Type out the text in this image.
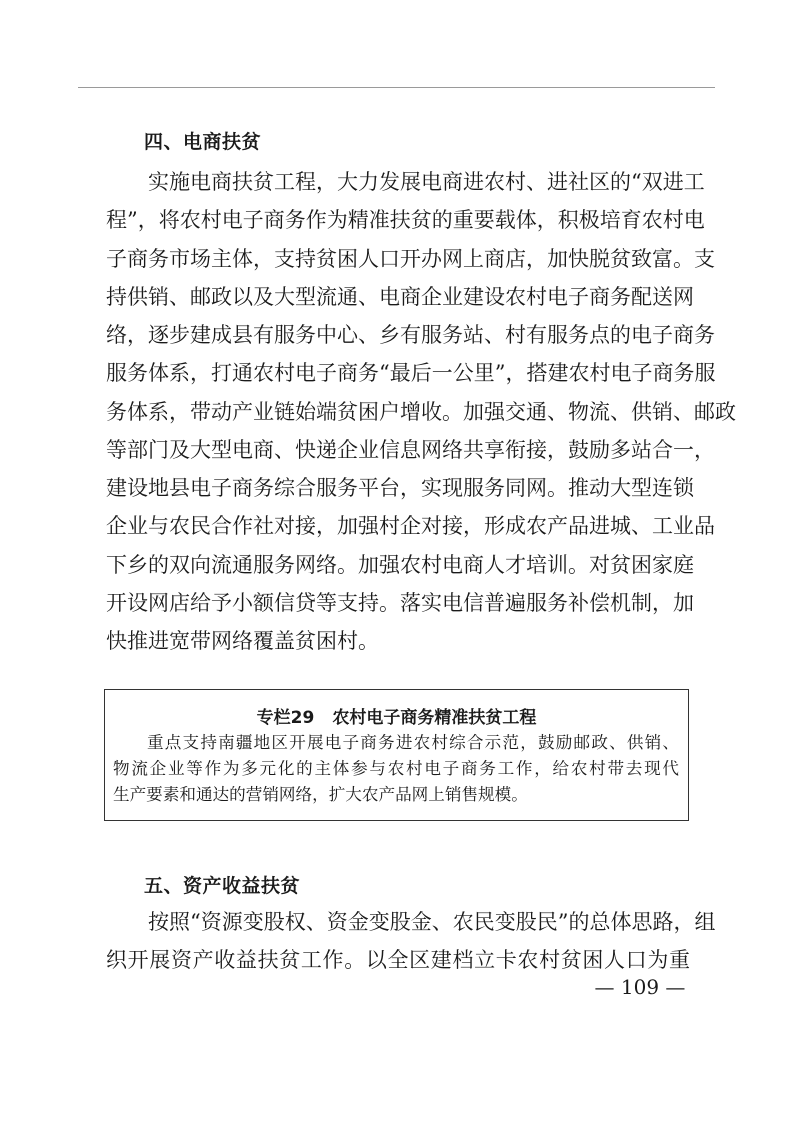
四、电商扶贫
实施电商扶贫工程，大力发展电商进农村、进社区的“双进工
程”，将农村电子商务作为精准扶贫的重要载体，积极培育农村电
子商务市场主体，支持贫困人口开办网上商店，加快脱贫致富。支
持供销、邮政以及大型流通、电商企业建设农村电子商务配送网
络，逐步建成县有服务中心、乡有服务站、村有服务点的电子商务
服务体系，打通农村电子商务“最后一公里”，搭建农村电子商务服
务体系，带动产业链始端贫困户增收。加强交通、物流、供销、邮政
等部门及大型电商、快递企业信息网络共享衔接，鼓励多站合一，
建设地县电子商务综合服务平台，实现服务同网。推动大型连锁
企业与农民合作社对接，加强村企对接，形成农产品进城、工业品
下乡的双向流通服务网络。加强农村电商人才培训。对贫困家庭
开设网店给予小额信贷等支持。落实电信普遍服务补偿机制，加
快推进宽带网络覆盖贫困村。
专栏29 农村电子商务精准扶贫工程
重点支持南疆地区开展电子商务进农村综合示范，鼓励邮政、供销、
物流企业等作为多元化的主体参与农村电子商务工作，给农村带去现代
生产要素和通达的营销网络，扩大农产品网上销售规模。
五、资产收益扶贫
按照“资源变股权、资金变股金、农民变股民”的总体思路，组
织开展资产收益扶贫工作。以全区建档立卡农村贫困人口为重
— 109 —
